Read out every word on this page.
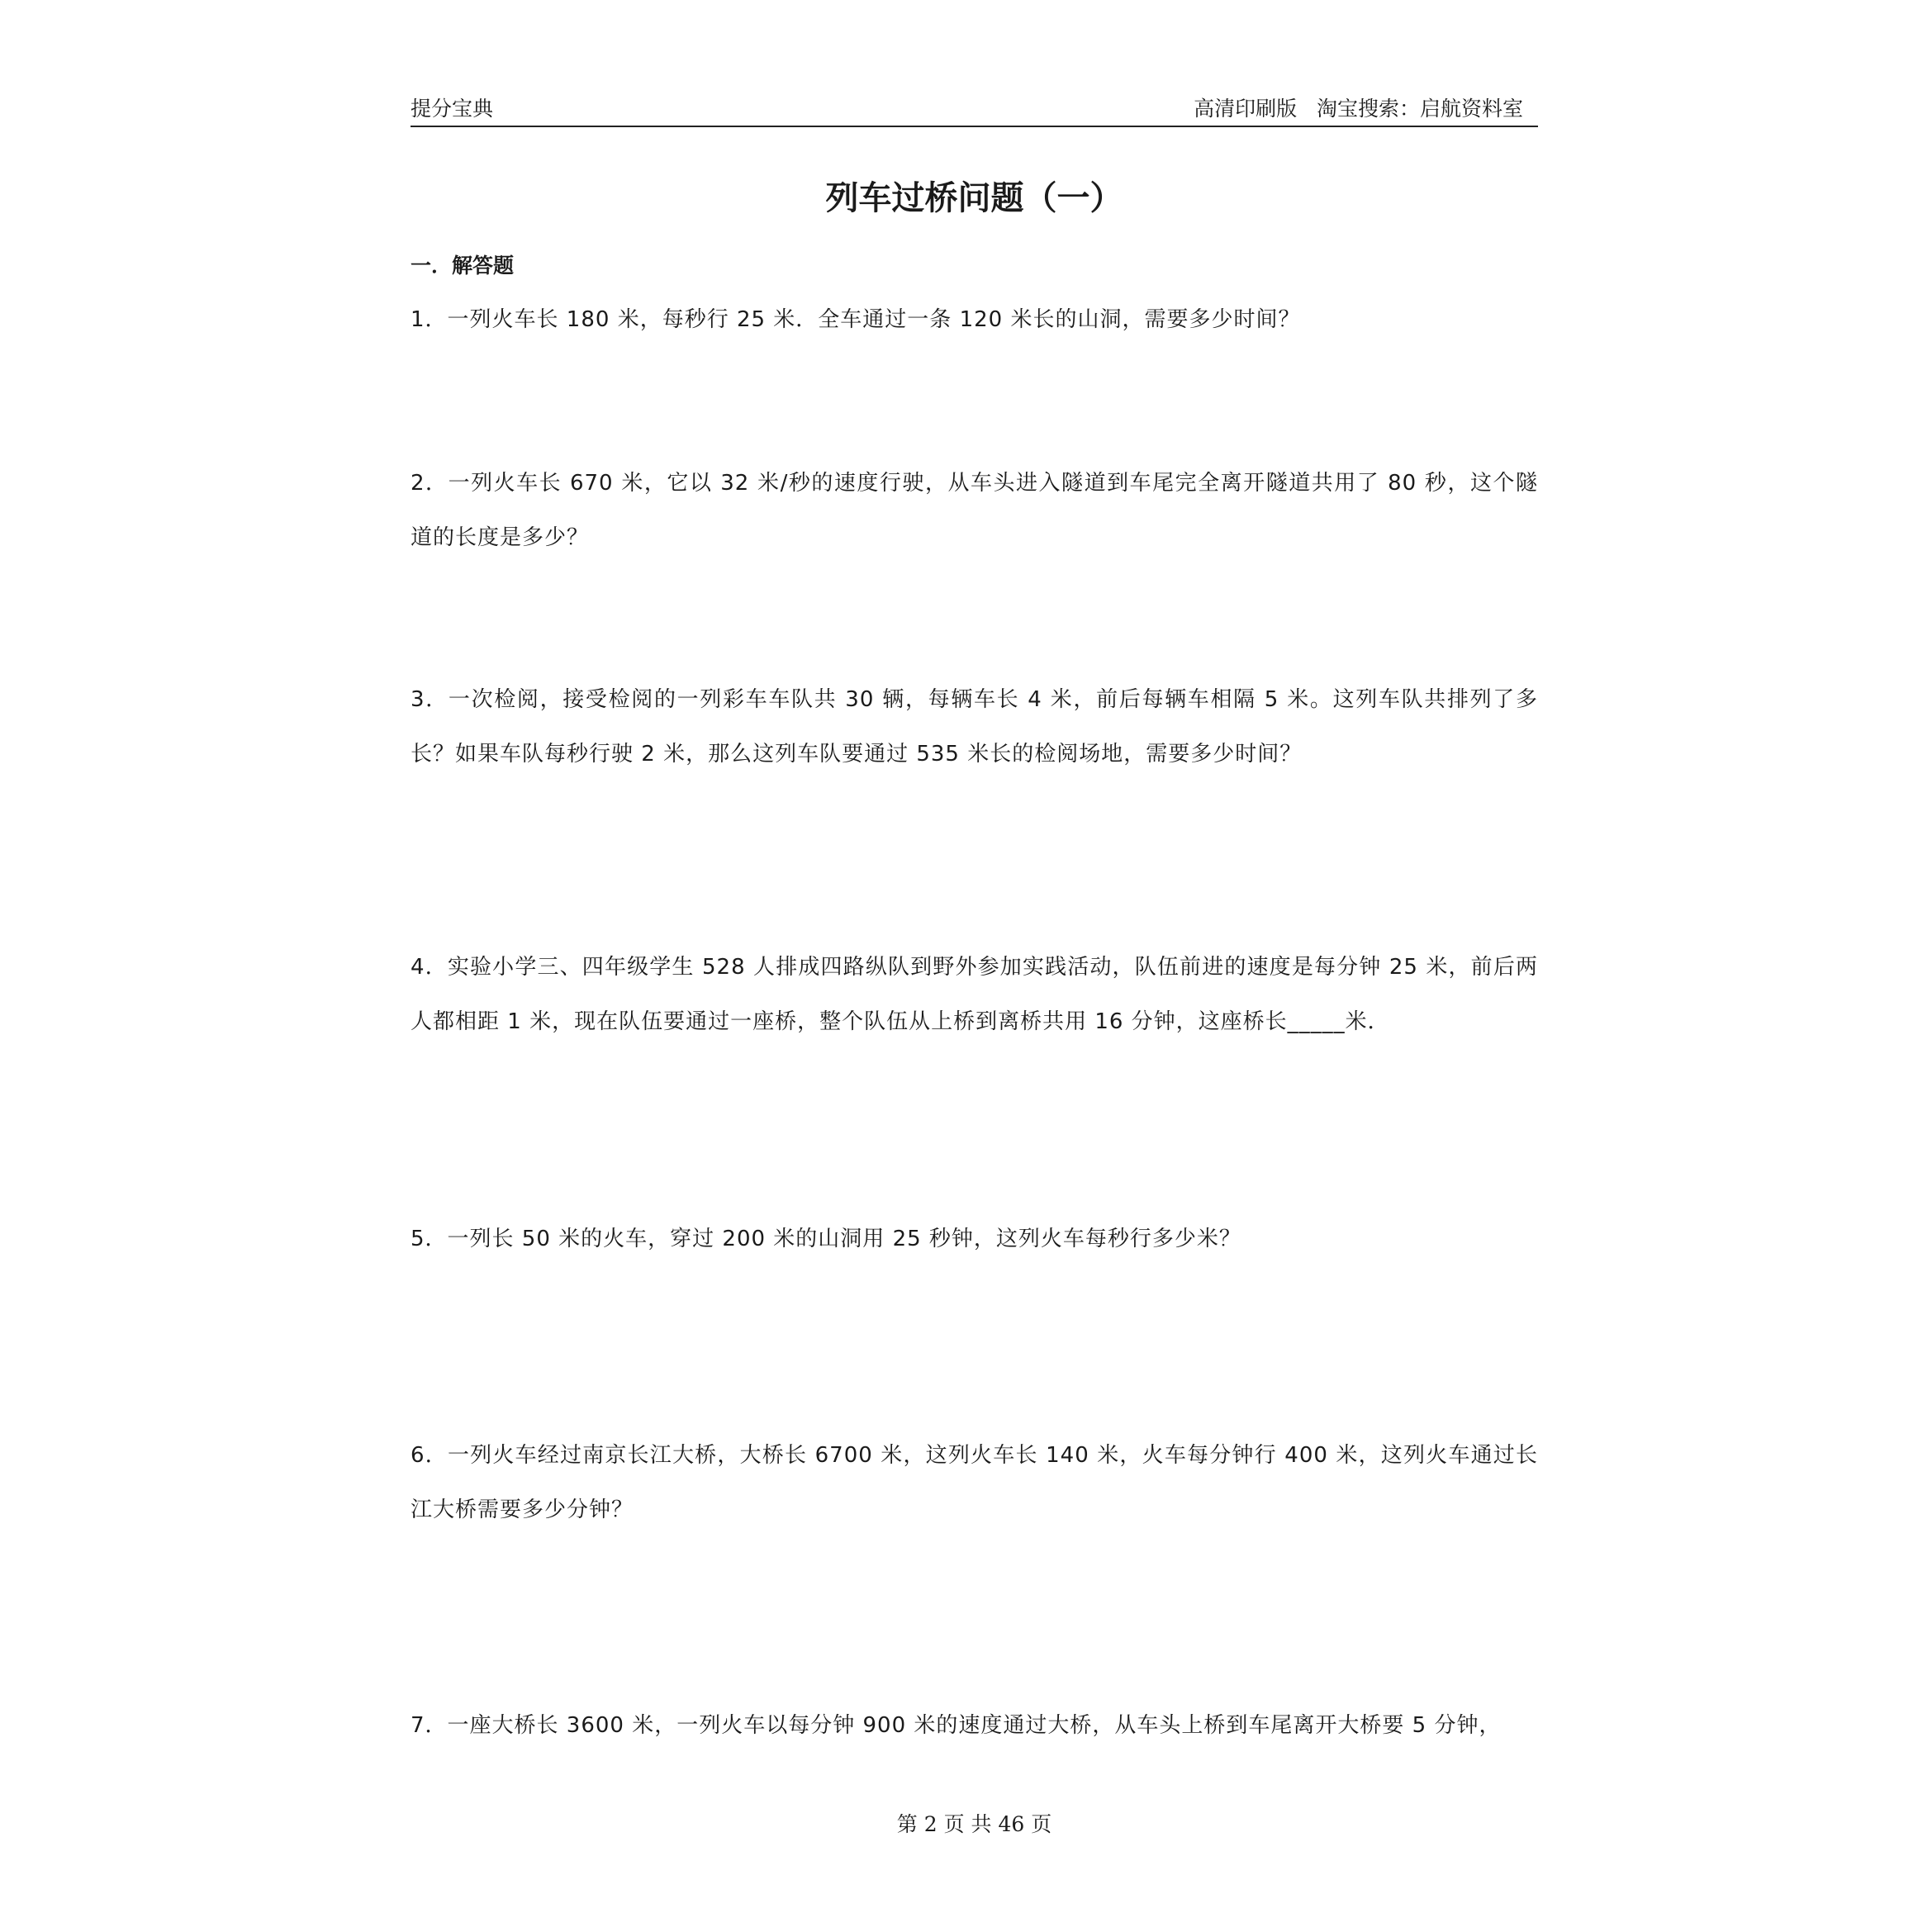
提分宝典	高清印刷版   淘宝搜索：启航资料室
列车过桥问题（一）
一．解答题

1．一列火车长 180 米，每秒行 25 米．全车通过一条 120 米长的山洞，需要多少时间？

2．一列火车长 670 米，它以 32 米/秒的速度行驶，从车头进入隧道到车尾完全离开隧道共用了 80 秒，这个隧道的长度是多少？

3．一次检阅，接受检阅的一列彩车车队共 30 辆，每辆车长 4 米，前后每辆车相隔 5 米。这列车队共排列了多长？如果车队每秒行驶 2 米，那么这列车队要通过 535 米长的检阅场地，需要多少时间？

4．实验小学三、四年级学生 528 人排成四路纵队到野外参加实践活动，队伍前进的速度是每分钟 25 米，前后两人都相距 1 米，现在队伍要通过一座桥，整个队伍从上桥到离桥共用 16 分钟，这座桥长_____米．

5．一列长 50 米的火车，穿过 200 米的山洞用 25 秒钟，这列火车每秒行多少米？

6．一列火车经过南京长江大桥，大桥长 6700 米，这列火车长 140 米，火车每分钟行 400 米，这列火车通过长江大桥需要多少分钟？

7．一座大桥长 3600 米，一列火车以每分钟 900 米的速度通过大桥，从车头上桥到车尾离开大桥要 5 分钟，

第 2 页 共 46 页
